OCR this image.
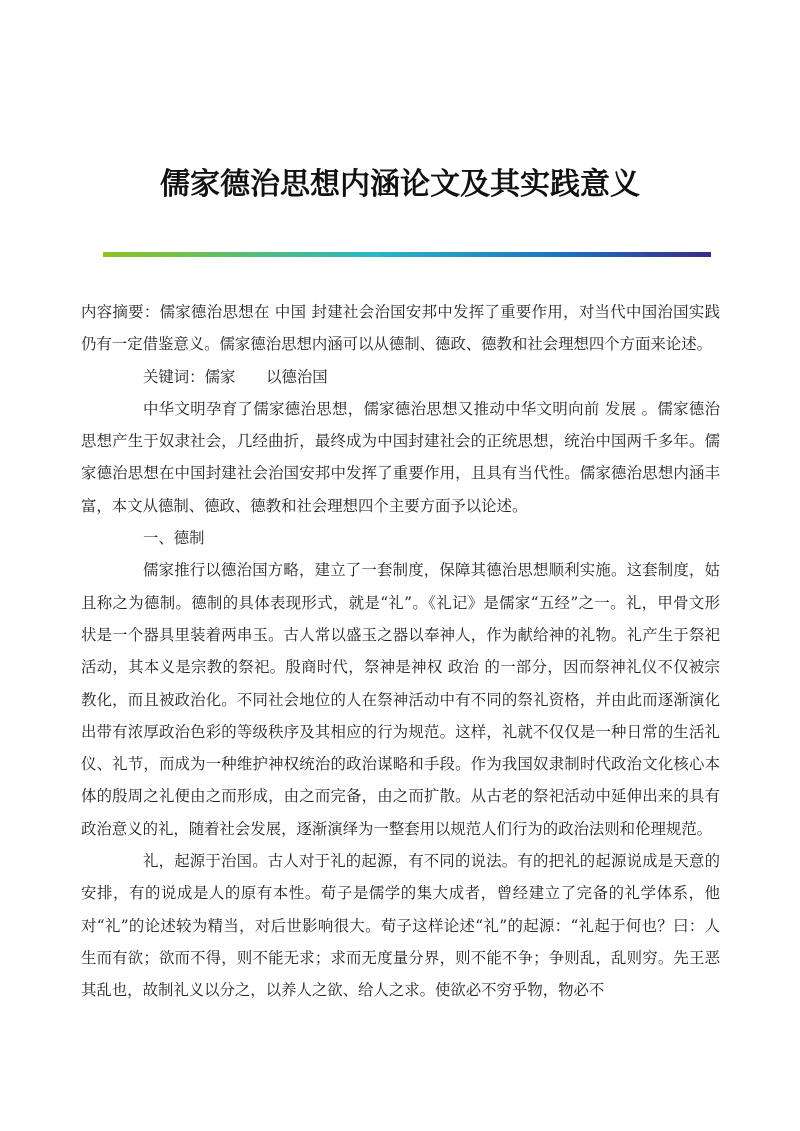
儒家德治思想内涵论文及其实践意义

内容摘要：儒家德治思想在 中国 封建社会治国安邦中发挥了重要作用，对当代中国治国实践仍有一定借鉴意义。儒家德治思想内涵可以从德制、德政、德教和社会理想四个方面来论述。

关键词：儒家　　以德治国

中华文明孕育了儒家德治思想，儒家德治思想又推动中华文明向前 发展 。儒家德治思想产生于奴隶社会，几经曲折，最终成为中国封建社会的正统思想，统治中国两千多年。儒家德治思想在中国封建社会治国安邦中发挥了重要作用，且具有当代性。儒家德治思想内涵丰富，本文从德制、德政、德教和社会理想四个主要方面予以论述。

一、德制

儒家推行以德治国方略，建立了一套制度，保障其德治思想顺利实施。这套制度，姑且称之为德制。德制的具体表现形式，就是“礼”。《礼记》是儒家“五经”之一。礼，甲骨文形状是一个器具里装着两串玉。古人常以盛玉之器以奉神人，作为献给神的礼物。礼产生于祭祀活动，其本义是宗教的祭祀。殷商时代，祭神是神权 政治 的一部分，因而祭神礼仪不仅被宗教化，而且被政治化。不同社会地位的人在祭神活动中有不同的祭礼资格，并由此而逐渐演化出带有浓厚政治色彩的等级秩序及其相应的行为规范。这样，礼就不仅仅是一种日常的生活礼仪、礼节，而成为一种维护神权统治的政治谋略和手段。作为我国奴隶制时代政治文化核心本体的殷周之礼便由之而形成，由之而完备，由之而扩散。从古老的祭祀活动中延伸出来的具有政治意义的礼，随着社会发展，逐渐演绎为一整套用以规范人们行为的政治法则和伦理规范。

礼，起源于治国。古人对于礼的起源，有不同的说法。有的把礼的起源说成是天意的安排，有的说成是人的原有本性。荀子是儒学的集大成者，曾经建立了完备的礼学体系，他对“礼”的论述较为精当，对后世影响很大。荀子这样论述“礼”的起源：“礼起于何也？曰：人生而有欲；欲而不得，则不能无求；求而无度量分界，则不能不争；争则乱，乱则穷。先王恶其乱也，故制礼义以分之，以养人之欲、给人之求。使欲必不穷乎物，物必不
